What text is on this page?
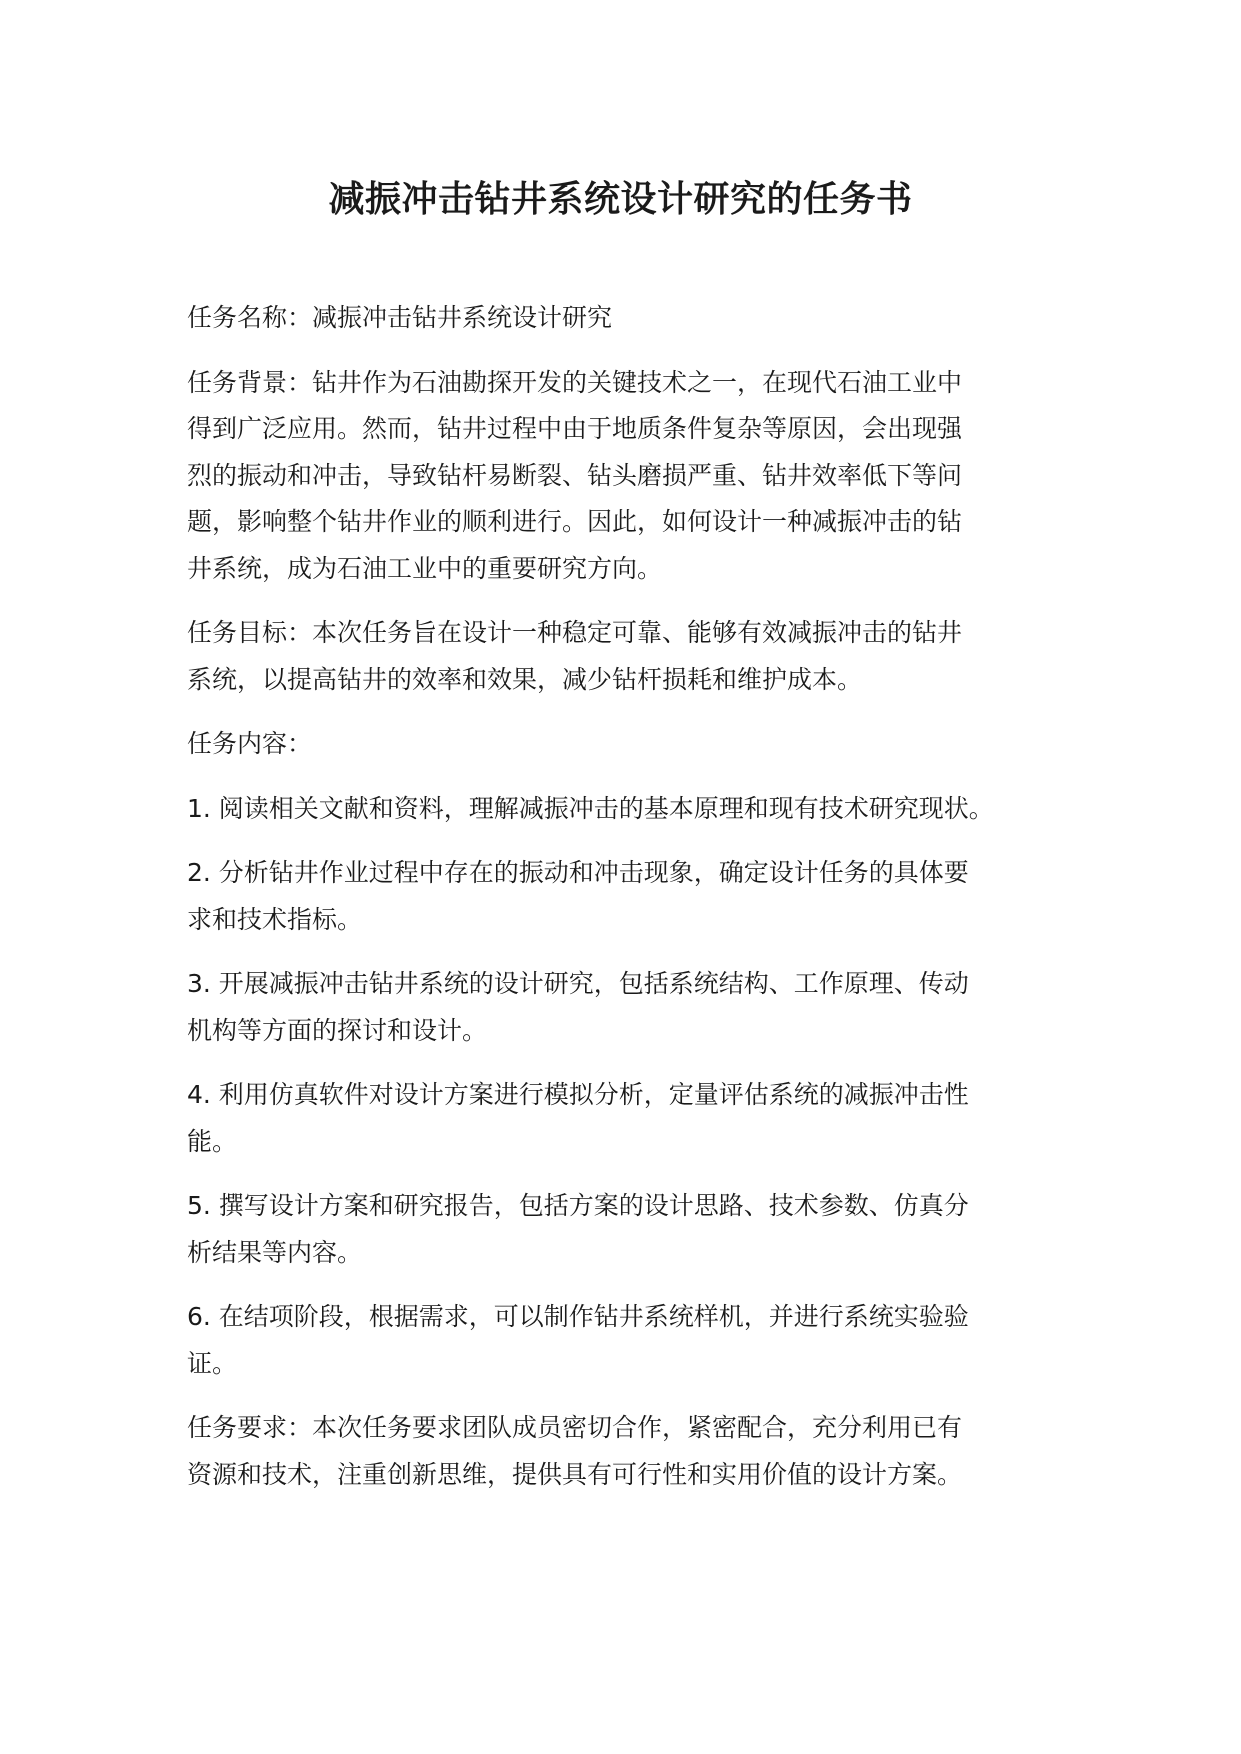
减振冲击钻井系统设计研究的任务书
任务名称：减振冲击钻井系统设计研究
任务背景：钻井作为石油勘探开发的关键技术之一，在现代石油工业中
得到广泛应用。然而，钻井过程中由于地质条件复杂等原因，会出现强
烈的振动和冲击，导致钻杆易断裂、钻头磨损严重、钻井效率低下等问
题，影响整个钻井作业的顺利进行。因此，如何设计一种减振冲击的钻
井系统，成为石油工业中的重要研究方向。
任务目标：本次任务旨在设计一种稳定可靠、能够有效减振冲击的钻井
系统，以提高钻井的效率和效果，减少钻杆损耗和维护成本。
任务内容：
1. 阅读相关文献和资料，理解减振冲击的基本原理和现有技术研究现状。
2. 分析钻井作业过程中存在的振动和冲击现象，确定设计任务的具体要
求和技术指标。
3. 开展减振冲击钻井系统的设计研究，包括系统结构、工作原理、传动
机构等方面的探讨和设计。
4. 利用仿真软件对设计方案进行模拟分析，定量评估系统的减振冲击性
能。
5. 撰写设计方案和研究报告，包括方案的设计思路、技术参数、仿真分
析结果等内容。
6. 在结项阶段，根据需求，可以制作钻井系统样机，并进行系统实验验
证。
任务要求：本次任务要求团队成员密切合作，紧密配合，充分利用已有
资源和技术，注重创新思维，提供具有可行性和实用价值的设计方案。
